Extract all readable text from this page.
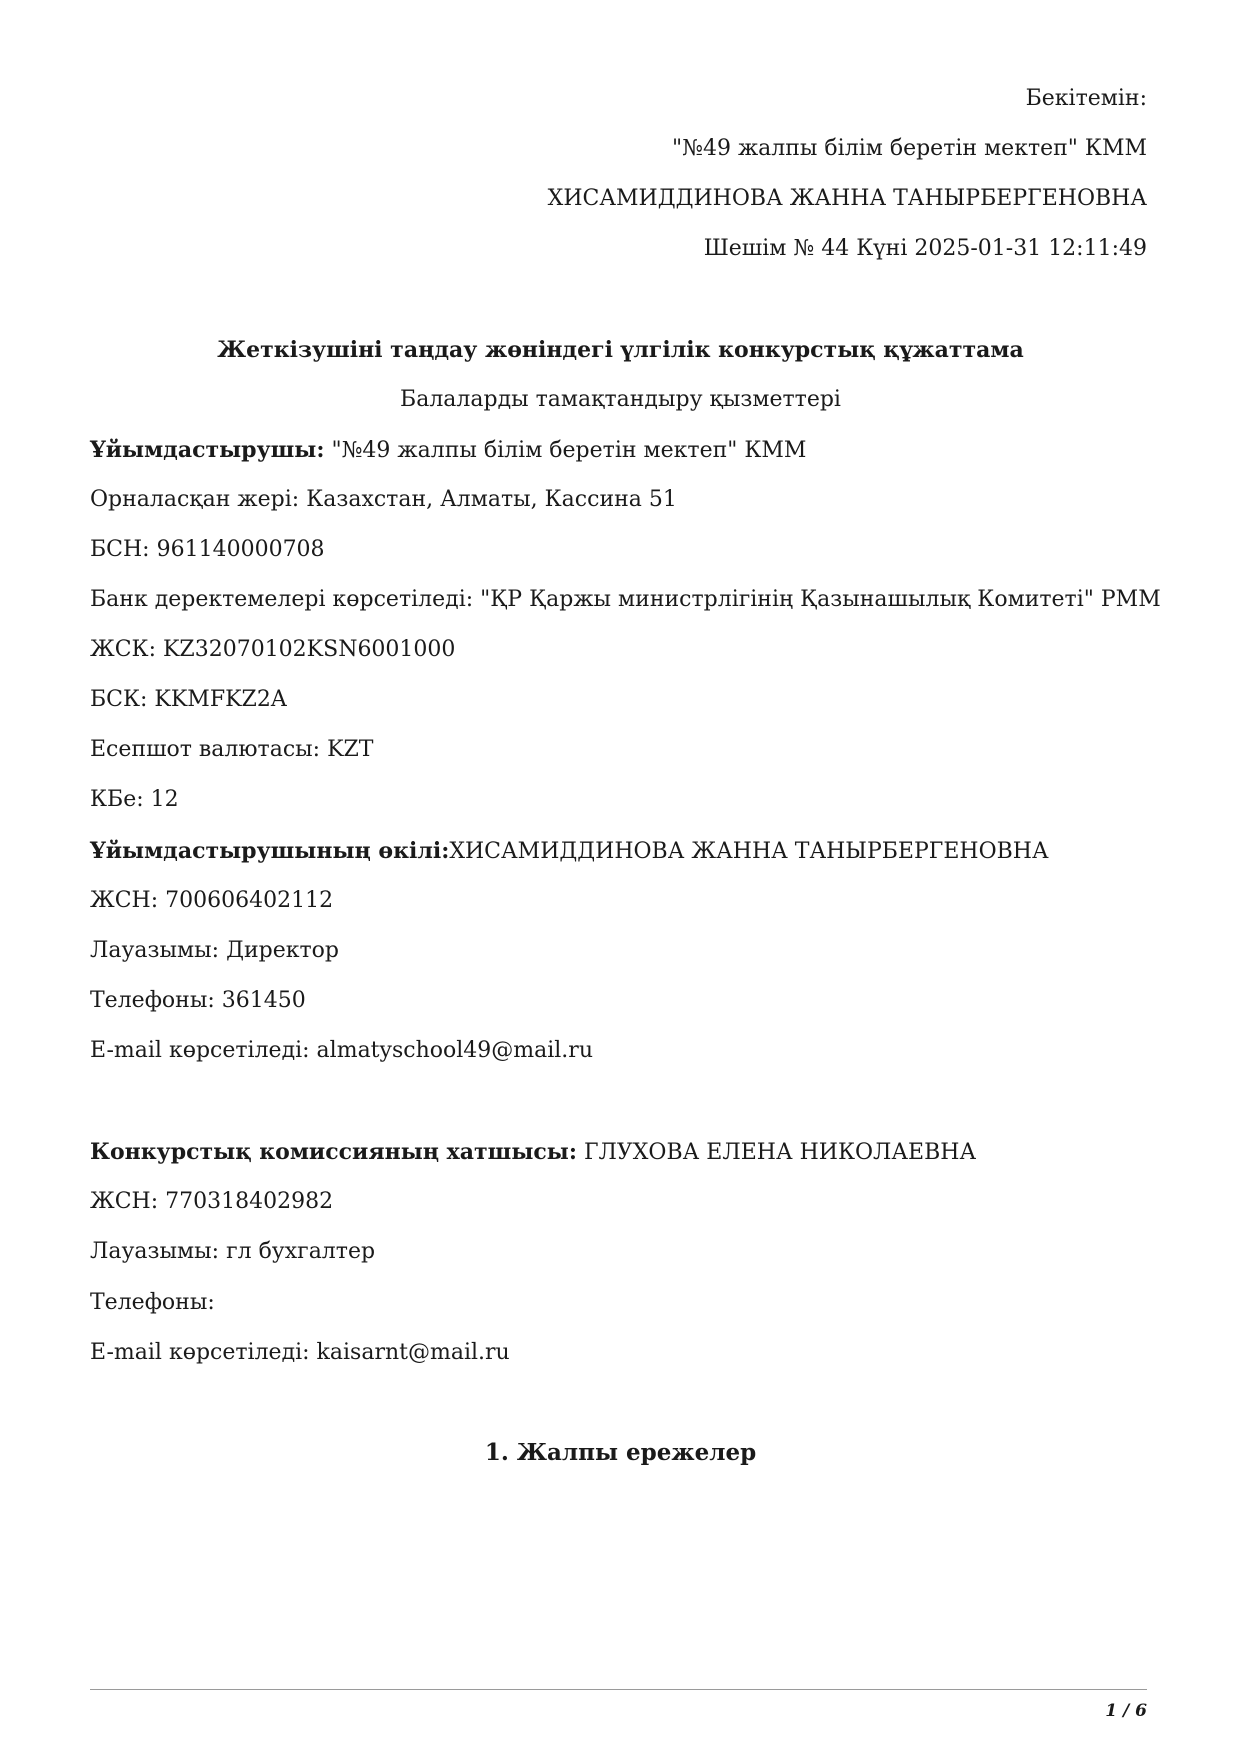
Бекітемін:
"№49 жалпы білім беретін мектеп" КММ
ХИСАМИДДИНОВА ЖАННА ТАНЫРБЕРГЕНОВНА
Шешім № 44 Күні 2025-01-31 12:11:49
Жеткізушіні таңдау жөніндегі үлгілік конкурстық құжаттама
Балаларды тамақтандыру қызметтері
Ұйымдастырушы: "№49 жалпы білім беретін мектеп" КММ
Орналасқан жері: Казахстан, Алматы, Кассина 51
БСН: 961140000708
Банк деректемелері көрсетіледі: "ҚР Қаржы министрлігінің Қазынашылық Комитеті" РММ
ЖСК: KZ32070102KSN6001000
БСК: KKMFKZ2A
Есепшот валютасы: KZT
КБе: 12
Ұйымдастырушының өкілі:ХИСАМИДДИНОВА ЖАННА ТАНЫРБЕРГЕНОВНА
ЖСН: 700606402112
Лауазымы: Директор
Телефоны: 361450
E-mail көрсетіледі: almatyschool49@mail.ru
Конкурстық комиссияның хатшысы: ГЛУХОВА ЕЛЕНА НИКОЛАЕВНА
ЖСН: 770318402982
Лауазымы: гл бухгалтер
Телефоны:
E-mail көрсетіледі: kaisarnt@mail.ru
1. Жалпы ережелер
1 / 6
